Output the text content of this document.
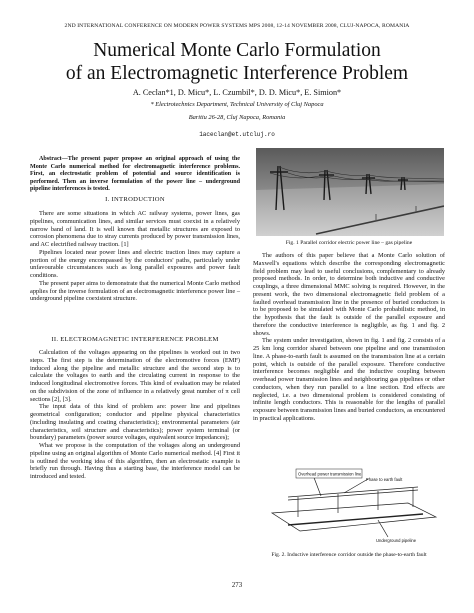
2ND INTERNATIONAL CONFERENCE ON MODERN POWER SYSTEMS MPS 2008, 12-14 NOVEMBER 2008, CLUJ-NAPOCA, ROMANIA
Numerical Monte Carlo Formulation
of an Electromagnetic Interference Problem
A. Ceclan*1, D. Micu*, L. Czumbil*, D. D. Micu*, E. Simion*
* Electrotechnics Department, Technical University of Cluj Napoca
Baritiu 26-28, Cluj Napoca, Romania
1aceclan@et.utcluj.ro

Abstract—The present paper propose an original approach of using the Monte Carlo numerical method for electromagnetic interference problems. First, an electrostatic problem of potential and source identification is performed. Then an inverse formulation of the power line – underground pipeline interferences is tested.

I. INTRODUCTION

There are some situations in which AC railway systems, power lines, gas pipelines, communication lines, and similar services must coexist in a relatively narrow band of land. It is well known that metallic structures are exposed to corrosion phenomena due to stray currents produced by power transmission lines, and AC electrified railway traction. [1]

Pipelines located near power lines and electric traction lines may capture a portion of the energy encompassed by the conductors' paths, particularly under unfavourable circumstances such as long parallel exposures and power fault conditions.

The present paper aims to demonstrate that the numerical Monte Carlo method applies for the inverse formulation of an electromagnetic interference power line – underground pipeline coexistent structure.

II. ELECTROMAGNETIC INTERFERENCE PROBLEM

Calculation of the voltages appearing on the pipelines is worked out in two steps. The first step is the determination of the electromotive forces (EMF) induced along the pipeline and metallic structure and the second step is to calculate the voltages to earth and the circulating current in response to the induced longitudinal electromotive forces. This kind of evaluation may be related on the subdivision of the zone of influence in a relatively great number of π cell sections [2], [3].

The input data of this kind of problem are: power line and pipelines geometrical configuration; conductor and pipeline physical characteristics (including insulating and coating characteristics); environmental parameters (air characteristics, soil structure and characteristics); power system terminal (or boundary) parameters (power source voltages, equivalent source impedances);

What we propose is the computation of the voltages along an underground pipeline using an original algorithm of Monte Carlo numerical method. [4] First it is outlined the working idea of this algorithm, then an electrostatic example is briefly run through. Having thus a starting base, the interference model can be introduced and tested.

Fig. 1 Parallel corridor electric power line – gas pipeline

The authors of this paper believe that a Monte Carlo solution of Maxwell's equations which describe the corresponding electromagnetic field problem may lead to useful conclusions, complementary to already proposed methods. In order, to determine both inductive and conductive couplings, a three dimensional MMC solving is required. However, in the present work, the two dimensional electromagnetic field problem of a faulted overhead transmission line in the presence of buried conductors is to be proposed to be simulated with Monte Carlo probabilistic method, in the hypothesis that the fault is outside of the parallel exposure and therefore the conductive interference is negligible, as fig. 1 and fig. 2 shows.

The system under investigation, shown in fig. 1 and fig. 2 consists of a 25 km long corridor shared between one pipeline and one transmission line. A phase-to-earth fault is assumed on the transmission line at a certain point, which is outside of the parallel exposure. Therefore conductive interference becomes negligible and the inductive coupling between overhead power transmission lines and neighbouring gas pipelines or other conductors, when they run parallel to a line section. End effects are neglected, i.e. a two dimensional problem is considered consisting of infinite length conductors. This is reasonable for the lengths of parallel exposure between transmission lines and buried conductors, as encountered in practical applications.

Overhead power transmission line
Phase to earth fault
Underground pipeline
Fig. 2. Inductive interference corridor outside the phase-to-earth fault
273
